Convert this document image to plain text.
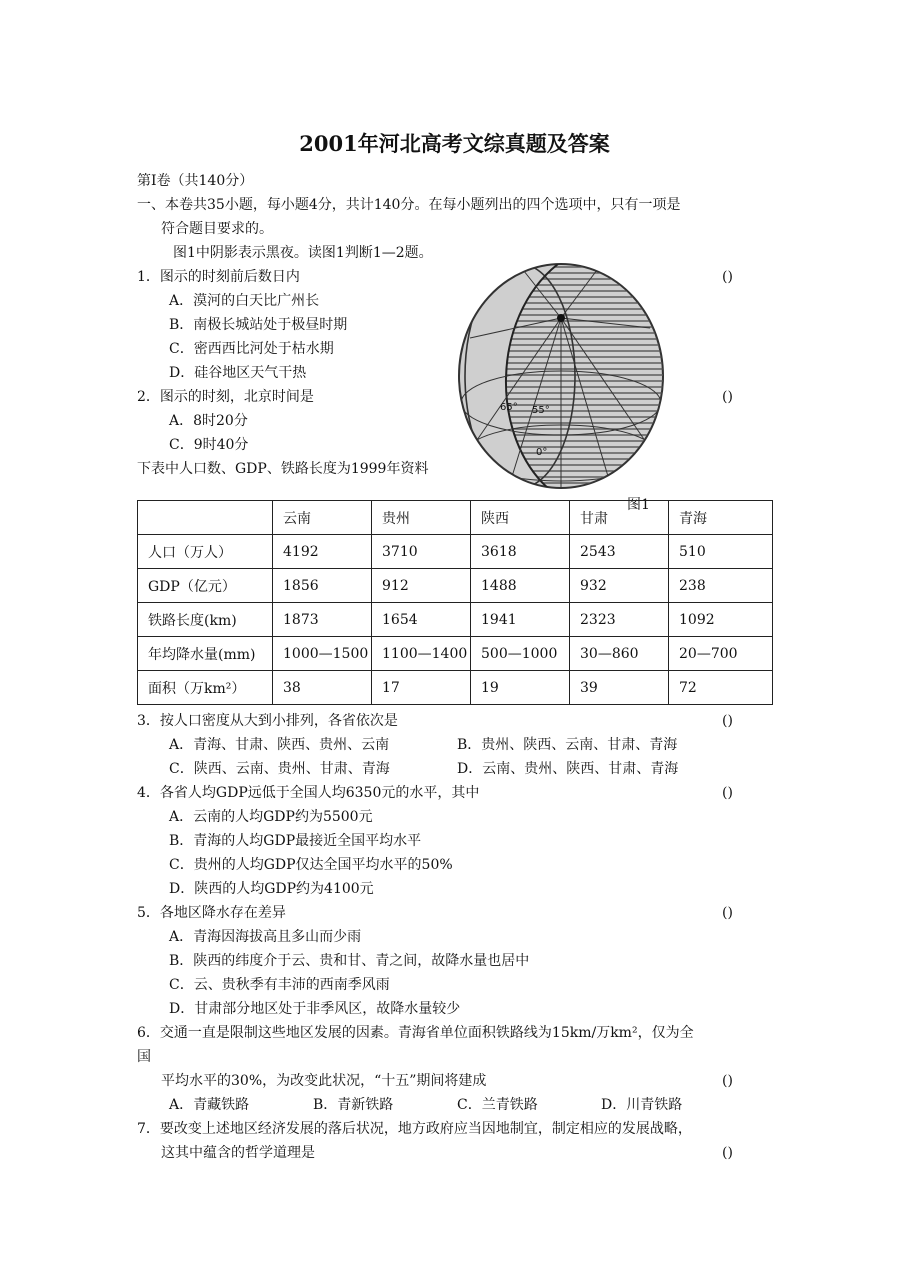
2001年河北高考文综真题及答案
第Ⅰ卷（共140分）
一、本卷共35小题，每小题4分，共计140分。在每小题列出的四个选项中，只有一项是
符合题目要求的。
图1中阴影表示黑夜。读图1判断1—2题。
1．图示的时刻前后数日内	()
A．漠河的白天比广州长
B．南极长城站处于极昼时期
C．密西西比河处于枯水期
D．硅谷地区天气干热
2．图示的时刻，北京时间是	()
A．8时20分
C．9时40分
下表中人口数、GDP、铁路长度为1999年资料
65° 55°
0°
图1
	云南	贵州	陕西	甘肃	青海
人口（万人）	4192	3710	3618	2543	510
GDP（亿元）	1856	912	1488	932	238
铁路长度(km)	1873	1654	1941	2323	1092
年均降水量(mm)	1000—1500	1100—1400	500—1000	30—860	20—700
面积（万km²）	38	17	19	39	72
3．按人口密度从大到小排列，各省依次是	()
A．青海、甘肃、陕西、贵州、云南	B．贵州、陕西、云南、甘肃、青海
C．陕西、云南、贵州、甘肃、青海	D．云南、贵州、陕西、甘肃、青海
4．各省人均GDP远低于全国人均6350元的水平，其中	()
A．云南的人均GDP约为5500元
B．青海的人均GDP最接近全国平均水平
C．贵州的人均GDP仅达全国平均水平的50%
D．陕西的人均GDP约为4100元
5．各地区降水存在差异	()
A．青海因海拔高且多山而少雨
B．陕西的纬度介于云、贵和甘、青之间，故降水量也居中
C．云、贵秋季有丰沛的西南季风雨
D．甘肃部分地区处于非季风区，故降水量较少
6．交通一直是限制这些地区发展的因素。青海省单位面积铁路线为15km/万km²，仅为全
国
平均水平的30%，为改变此状况，“十五”期间将建成	()
A．青藏铁路	B．青新铁路	C．兰青铁路	D．川青铁路
7．要改变上述地区经济发展的落后状况，地方政府应当因地制宜，制定相应的发展战略，
这其中蕴含的哲学道理是	()
